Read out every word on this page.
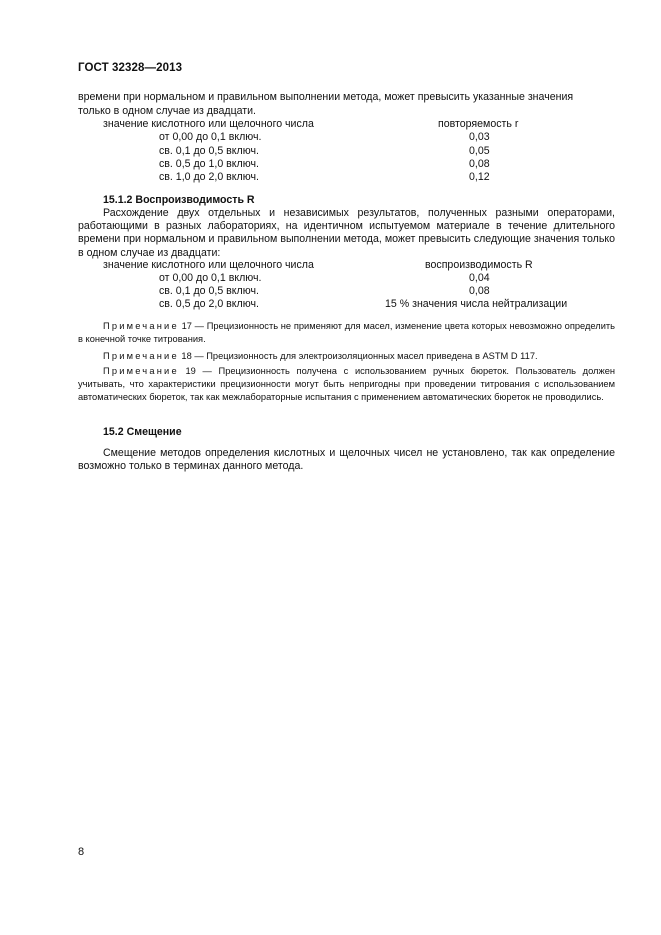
ГОСТ 32328—2013
времени при нормальном и правильном выполнении метода, может превысить указанные значения
только в одном случае из двадцати.
значение кислотного или щелочного числа	повторяемость r
от 0,00 до 0,1 включ.	0,03
св. 0,1 до 0,5 включ.	0,05
св. 0,5 до 1,0 включ.	0,08
св. 1,0 до 2,0 включ.	0,12
15.1.2 Воспроизводимость R
Расхождение двух отдельных и независимых результатов, полученных разными операторами, работающими в разных лабораториях, на идентичном испытуемом материале в течение длительного времени при нормальном и правильном выполнении метода, может превысить следующие значения только в одном случае из двадцати:
значение кислотного или щелочного числа	воспроизводимость R
от 0,00 до 0,1 включ.	0,04
св. 0,1 до 0,5 включ.	0,08
св. 0,5 до 2,0 включ.	15 % значения числа нейтрализации
Примечание 17 — Прецизионность не применяют для масел, изменение цвета которых невозможно определить в конечной точке титрования.
Примечание 18 — Прецизионность для электроизоляционных масел приведена в ASTM D 117.
Примечание 19 — Прецизионность получена с использованием ручных бюреток. Пользователь должен учитывать, что характеристики прецизионности могут быть непригодны при проведении титрования с использованием автоматических бюреток, так как межлабораторные испытания с применением автоматических бюреток не проводились.
15.2 Смещение
Смещение методов определения кислотных и щелочных чисел не установлено, так как определение возможно только в терминах данного метода.
8
